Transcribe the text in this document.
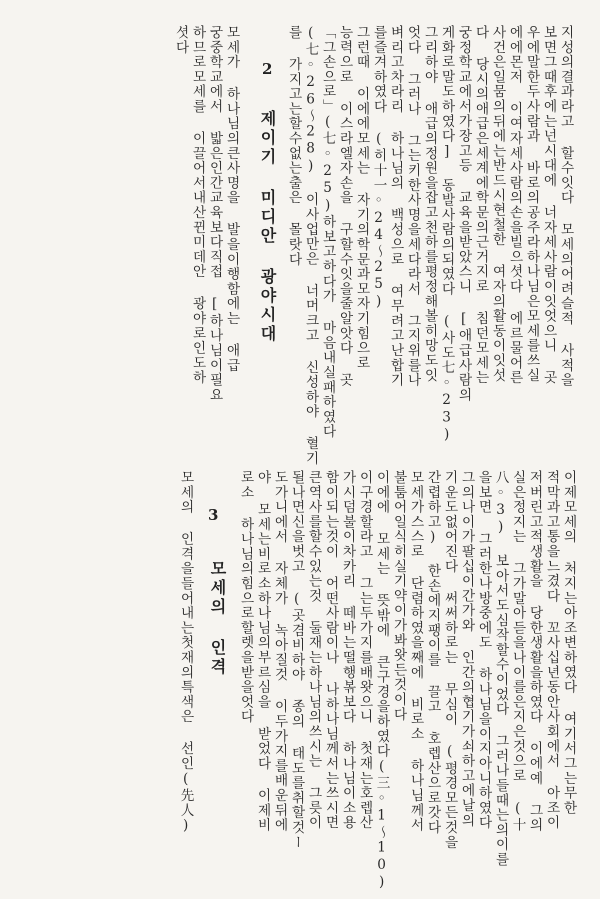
이제모세의 처지는아조변하였다 여기서그는무한
적막과고통을느겼다 꼬사십년동안사회에서 아조이
저버린고적생활을 당한생활을하였다 이에예 그의
실은정지는 그가말아듣을나이를은지은것으로 (十
八◦3) 보아서도심작할수이었다 그러나들때는의이를
을보면 그러한나방중에도 하나님을이지아니하였다
그의나이가팔십이간가와 인간의협기가쇠하고에날의
기운도없어진다 써써하로는 무심이 (평경모든것을
간렵하고) 한손에지팽이를 끌고 호렙산으로갓다
모세가스스로 단렴하였을째에 비로소 하나님께서
불툼어일식히실기약이가봐왓든것이다
이에에 모세는 뜻밖에 큰구경을하였다(三◦1〜10)
이구경할라고 그는두가지를배왓으니 첫재는호렙산
가시덤불이차카리 떼바는떨행볶보다 하나님이소용
함이되는것이 어떤사람이나 나하나님께서는쓰시면
큰역사를할수있는것 둘재는하나님의쓰시는 그릇이
될나면신을벗고 (곳겸비하야 종의 태도를취할것ー
도가니에서 자체가 녹아질것 이두가지를배운뒤에
야 모세는비로소하나님의부르심을 받었다 이제비
로소 하나님의힘으로할렛을받을엇다
3
모세의 인격
모세의 인격을들어내는첫재의특색은 선인(先人)
지성의결과라고 할수잇다 모세의어려슬적 사적을
보면그때후에는넌시대에 너자세사람이잇엇으니 곳
우에말한두사람과 바로의공주라하나님은모세를쓰실
에에몬저 이여자세사람의손을빌으셧다 에르물어른
사건은일뭄의뒤에는반드시현철한 여자의활동이잇섯
다 당시의애급은세계에학문의근거지로 침던모세는
궁정학교에서가장고등 교육을받았스니 [애급사람의
게화로말도하였다] 동발사람의되였다 (사도七◦23)
그리하야 애급의정원을잡고천하를평정해볼히망도잇
엇다 그러나 그는키한사명을세다라서 그지위를나
벼리고차라리 하나님의 백성으로 여무려고난합기
를즐겨하였다 (히十一◦24〜25)
그런때 이에에모세는 자기의학문과모자기힘으로
능력으로 이스라엘자손을 구할수잇을줄알앗다 곳
「그손으로」(七◦25)하보고하다가 마음내실패하였다
(七◦26〜28) 이사업만은 너머크고 신성하야 혈기
를 가지고는할수없는출은 몰랏다
2
제이기 미디안 광야시대
모세가 하나님의큰사명을 발을이행함에는 애급
궁중학교에서 밟은인간교육보다직접 [하나님이필요
하므로모세를 이끌어서내산뀐미데안 광야로인도하
셧다
